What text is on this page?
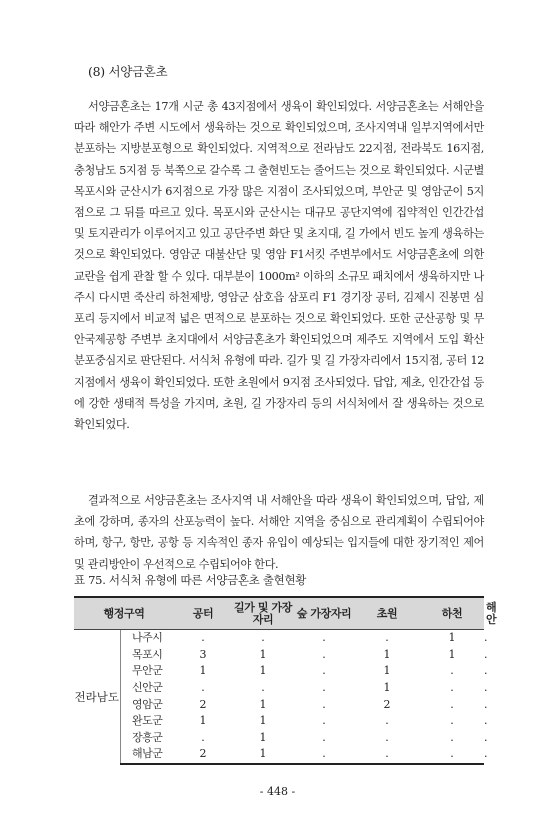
(8) 서양금혼초

서양금혼초는 17개 시군 총 43지점에서 생육이 확인되었다. 서양금혼초는 서해안을 따라 해안가 주변 시도에서 생육하는 것으로 확인되었으며, 조사지역내 일부지역에서만 분포하는 지방분포형으로 확인되었다. 지역적으로 전라남도 22지점, 전라북도 16지점, 충청남도 5지점 등 북쪽으로 갈수록 그 출현빈도는 줄어드는 것으로 확인되었다. 시군별 목포시와 군산시가 6지점으로 가장 많은 지점이 조사되었으며, 부안군 및 영암군이 5지점으로 그 뒤를 따르고 있다. 목포시와 군산시는 대규모 공단지역에 집약적인 인간간섭 및 토지관리가 이루어지고 있고 공단주변 화단 및 초지대, 길 가에서 빈도 높게 생육하는 것으로 확인되었다. 영암군 대불산단 및 영암 F1서킷 주변부에서도 서양금혼초에 의한 교란을 쉽게 관찰 할 수 있다. 대부분이 1000m² 이하의 소규모 패치에서 생육하지만 나주시 다시면 죽산리 하천제방, 영암군 삼호읍 삼포리 F1 경기장 공터, 김제시 진봉면 심포리 등지에서 비교적 넓은 면적으로 분포하는 것으로 확인되었다. 또한 군산공항 및 무안국제공항 주변부 초지대에서 서양금혼초가 확인되었으며 제주도 지역에서 도입 확산분포중심지로 판단된다. 서식처 유형에 따라. 길가 및 길 가장자리에서 15지점, 공터 12지점에서 생육이 확인되었다. 또한 초원에서 9지점 조사되었다. 답압, 제초, 인간간섭 등에 강한 생태적 특성을 가지며, 초원, 길 가장자리 등의 서식처에서 잘 생육하는 것으로 확인되었다.

결과적으로 서양금혼초는 조사지역 내 서해안을 따라 생육이 확인되었으며, 답압, 제초에 강하며, 종자의 산포능력이 높다. 서해안 지역을 중심으로 관리계획이 수립되어야 하며, 항구, 항만, 공항 등 지속적인 종자 유입이 예상되는 입지들에 대한 장기적인 제어 및 관리방안이 우선적으로 수립되어야 한다.

표 75. 서식처 유형에 따른 서양금혼초 출현현황
행정구역		공터	길가 및 가장자리	숲 가장자리	초원	하천	해안
전라남도	나주시	.	.	.	.	1	.
	목포시	3	1	.	1	1	.
	무안군	1	1	.	1	.	.
	신안군	.	.	.	1	.	.
	영암군	2	1	.	2	.	.
	완도군	1	1	.	.	.	.
	장흥군	.	1	.	.	.	.
	해남군	2	1	.	.	.	.
- 448 -
